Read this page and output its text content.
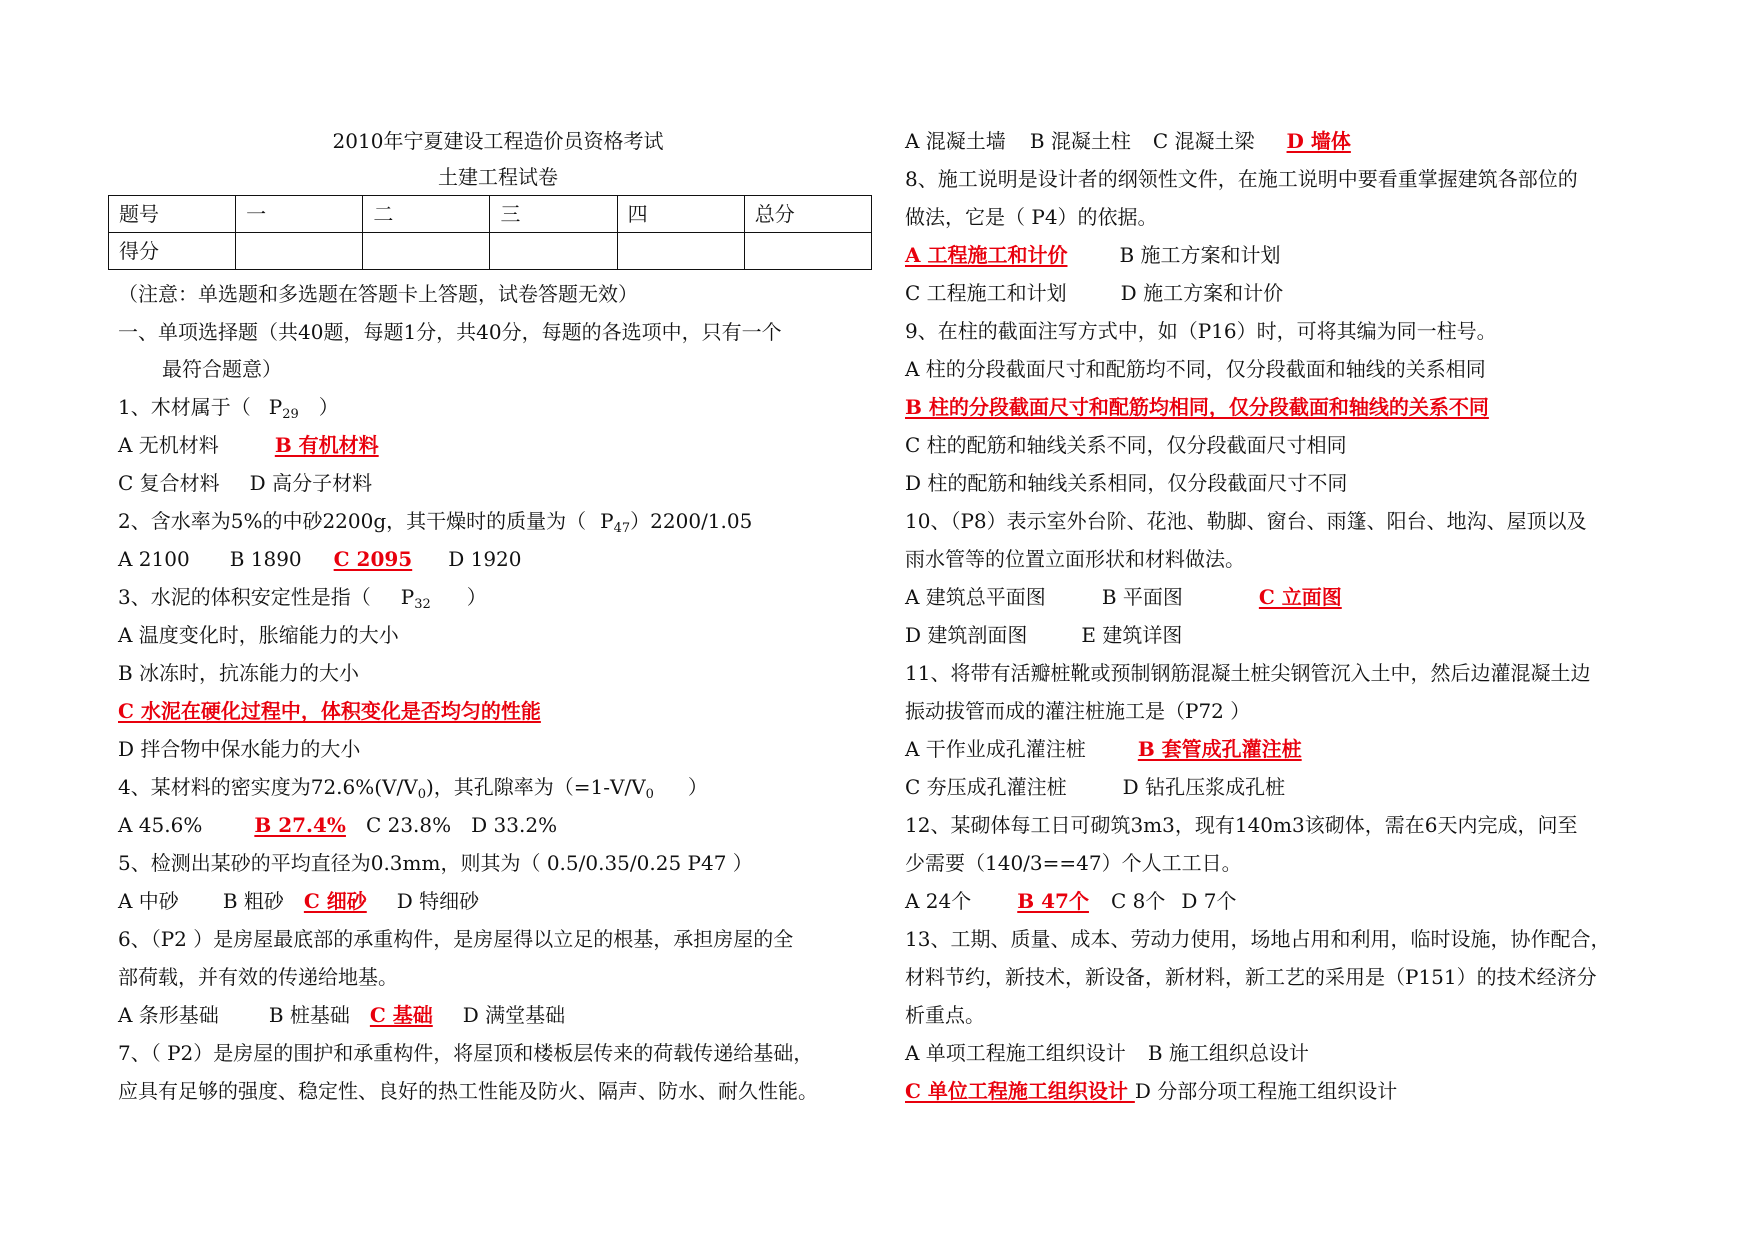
2010年宁夏建设工程造价员资格考试
土建工程试卷
题号	一	二	三	四	总分
得分					
（注意：单选题和多选题在答题卡上答题，试卷答题无效）
一、单项选择题（共40题，每题1分，共40分，每题的各选项中，只有一个
最符合题意）
1、木材属于（ $P_{29}$ ）
A 无机材料	B 有机材料
C 复合材料 D 高分子材料
2、含水率为5%的中砂2200g，其干燥时的质量为（ $P_{47})2200/1.05$
A 2100 B 1890 C 2095 D 1920
3、水泥的体积安定性是指（ $P_{32}$ ）
A 温度变化时，胀缩能力的大小
B 冰冻时，抗冻能力的大小
C 水泥在硬化过程中，体积变化是否均匀的性能
D 拌合物中保水能力的大小
4、某材料的密实度为$72.6\%(V/V_0)$，其孔隙率为（$=1-V/V_0$ ）
A 45.6%	B 27.4% C 23.8% D 33.2%
5、检测出某砂的平均直径为0.3mm，则其为（ 0.5/0.35/0.25 P47 ）
A 中砂 B 粗砂 C 细砂 D 特细砂
6、（P2 ）是房屋最底部的承重构件，是房屋得以立足的根基，承担房屋的全
部荷载，并有效的传递给地基。
A 条形基础	B 桩基础 C 基础 D 满堂基础
7、（ P2）是房屋的围护和承重构件，将屋顶和楼板层传来的荷载传递给基础，
应具有足够的强度、稳定性、良好的热工性能及防火、隔声、防水、耐久性能。
A 混凝土墙 B 混凝土柱 C 混凝土梁 D 墙体
8、施工说明是设计者的纲领性文件，在施工说明中要看重掌握建筑各部位的
做法，它是（ P4）的依据。
A 工程施工和计价	B 施工方案和计划
C 工程施工和计划	D 施工方案和计价
9、在柱的截面注写方式中，如（P16）时，可将其编为同一柱号。
A 柱的分段截面尺寸和配筋均不同，仅分段截面和轴线的关系相同
B 柱的分段截面尺寸和配筋均相同，仅分段截面和轴线的关系不同
C 柱的配筋和轴线关系不同，仅分段截面尺寸相同
D 柱的配筋和轴线关系相同，仅分段截面尺寸不同
10、（P8）表示室外台阶、花池、勒脚、窗台、雨篷、阳台、地沟、屋顶以及
雨水管等的位置立面形状和材料做法。
A 建筑总平面图	B 平面图	C 立面图
D 建筑剖面图	E 建筑详图
11、将带有活瓣桩靴或预制钢筋混凝土桩尖钢管沉入土中，然后边灌混凝土边
振动拔管而成的灌注桩施工是（P72 ）
A 干作业成孔灌注桩	B 套管成孔灌注桩
C 夯压成孔灌注桩	D 钻孔压浆成孔桩
12、某砌体每工日可砌筑3m3，现有140m3该砌体，需在6天内完成，问至
少需要（140/3==47）个人工工日。
A 24个 B 47个 C 8个 D 7个
13、工期、质量、成本、劳动力使用，场地占用和利用，临时设施，协作配合，
材料节约，新技术，新设备，新材料，新工艺的采用是（P151）的技术经济分
析重点。
A 单项工程施工组织设计 B 施工组织总设计
C 单位工程施工组织设计 D 分部分项工程施工组织设计
